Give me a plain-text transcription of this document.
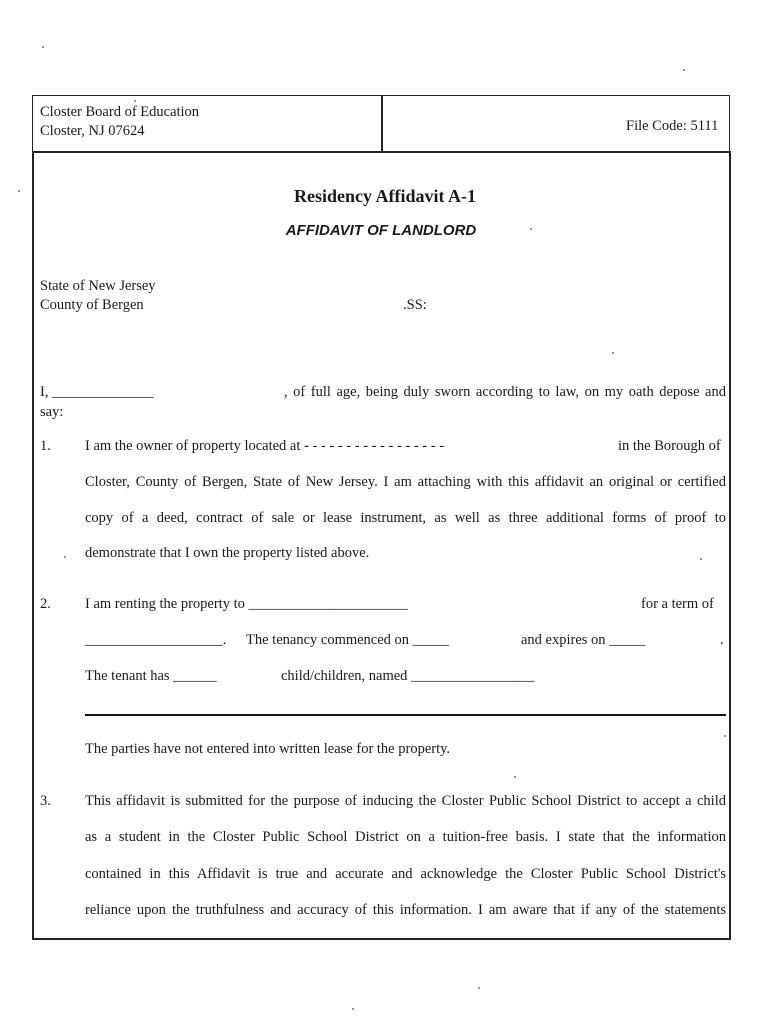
Closter Board of Education
Closter, NJ 07624	File Code: 5111
Residency Affidavit A-1
AFFIDAVIT OF LANDLORD
State of New Jersey
County of Bergen	.SS:
I, ______________	, of full age, being duly sworn according to law, on my oath depose and
say:
1. I am the owner of property located at - - - - - - - - - - - - - - - - -	in the Borough of
Closter, County of Bergen, State of New Jersey. I am attaching with this affidavit an original or certified
copy of a deed, contract of sale or lease instrument, as well as three additional forms of proof to
demonstrate that I own the property listed above.
2. I am renting the property to ______________________	for a term of
___________________. The tenancy commenced on _____	and expires on _____	.
The tenant has ______	child/children, named _________________
The parties have not entered into written lease for the property.
3. This affidavit is submitted for the purpose of inducing the Closter Public School District to accept a child
as a student in the Closter Public School District on a tuition-free basis. I state that the information
contained in this Affidavit is true and accurate and acknowledge the Closter Public School District's
reliance upon the truthfulness and accuracy of this information. I am aware that if any of the statements
